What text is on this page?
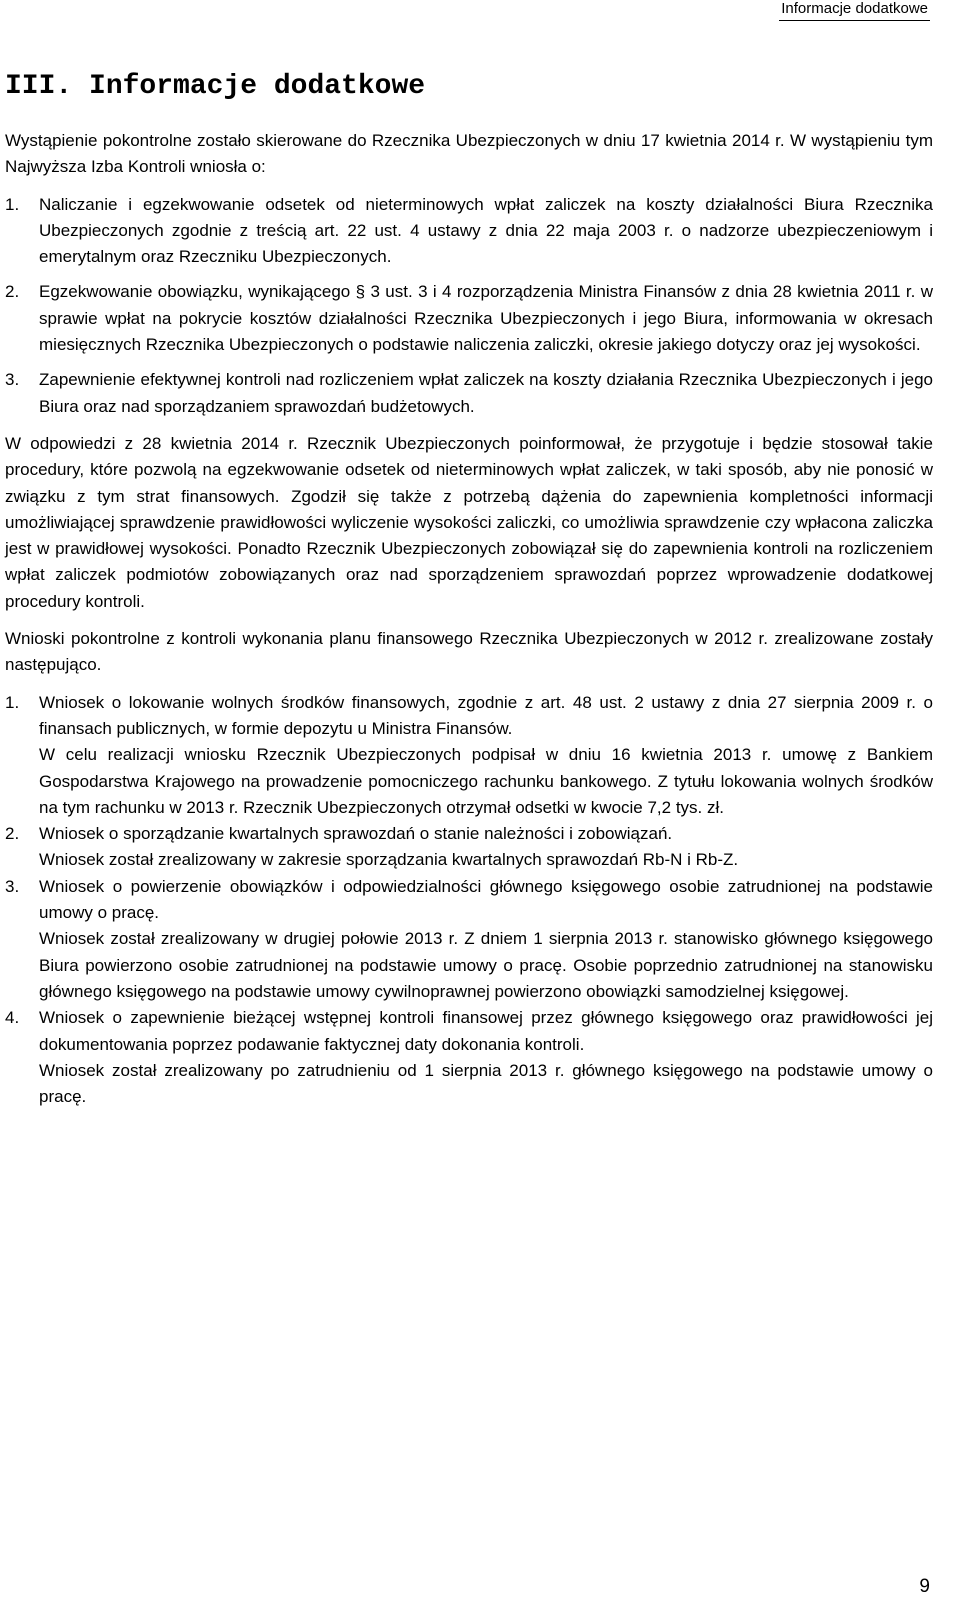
Informacje dodatkowe
III. Informacje dodatkowe

Wystąpienie pokontrolne zostało skierowane do Rzecznika Ubezpieczonych w dniu 17 kwietnia 2014 r. W wystąpieniu tym Najwyższa Izba Kontroli wniosła o:

1. Naliczanie i egzekwowanie odsetek od nieterminowych wpłat zaliczek na koszty działalności Biura Rzecznika Ubezpieczonych zgodnie z treścią art. 22 ust. 4 ustawy z dnia 22 maja 2003 r. o nadzorze ubezpieczeniowym i emerytalnym oraz Rzeczniku Ubezpieczonych.
2. Egzekwowanie obowiązku, wynikającego § 3 ust. 3 i 4 rozporządzenia Ministra Finansów z dnia 28 kwietnia 2011 r. w sprawie wpłat na pokrycie kosztów działalności Rzecznika Ubezpieczonych i jego Biura, informowania w okresach miesięcznych Rzecznika Ubezpieczonych o podstawie naliczenia zaliczki, okresie jakiego dotyczy oraz jej wysokości.
3. Zapewnienie efektywnej kontroli nad rozliczeniem wpłat zaliczek na koszty działania Rzecznika Ubezpieczonych i jego Biura oraz nad sporządzaniem sprawozdań budżetowych.

W odpowiedzi z 28 kwietnia 2014 r. Rzecznik Ubezpieczonych poinformował, że przygotuje i będzie stosował takie procedury, które pozwolą na egzekwowanie odsetek od nieterminowych wpłat zaliczek, w taki sposób, aby nie ponosić w związku z tym strat finansowych. Zgodził się także z potrzebą dążenia do zapewnienia kompletności informacji umożliwiającej sprawdzenie prawidłowości wyliczenie wysokości zaliczki, co umożliwia sprawdzenie czy wpłacona zaliczka jest w prawidłowej wysokości. Ponadto Rzecznik Ubezpieczonych zobowiązał się do zapewnienia kontroli na rozliczeniem wpłat zaliczek podmiotów zobowiązanych oraz nad sporządzeniem sprawozdań poprzez wprowadzenie dodatkowej procedury kontroli.

Wnioski pokontrolne z kontroli wykonania planu finansowego Rzecznika Ubezpieczonych w 2012 r. zrealizowane zostały następująco.

1. Wniosek o lokowanie wolnych środków finansowych, zgodnie z art. 48 ust. 2 ustawy z dnia 27 sierpnia 2009 r. o finansach publicznych, w formie depozytu u Ministra Finansów.
W celu realizacji wniosku Rzecznik Ubezpieczonych podpisał w dniu 16 kwietnia 2013 r. umowę z Bankiem Gospodarstwa Krajowego na prowadzenie pomocniczego rachunku bankowego. Z tytułu lokowania wolnych środków na tym rachunku w 2013 r. Rzecznik Ubezpieczonych otrzymał odsetki w kwocie 7,2 tys. zł.
2. Wniosek o sporządzanie kwartalnych sprawozdań o stanie należności i zobowiązań.
Wniosek został zrealizowany w zakresie sporządzania kwartalnych sprawozdań Rb-N i Rb-Z.
3. Wniosek o powierzenie obowiązków i odpowiedzialności głównego księgowego osobie zatrudnionej na podstawie umowy o pracę.
Wniosek został zrealizowany w drugiej połowie 2013 r. Z dniem 1 sierpnia 2013 r. stanowisko głównego księgowego Biura powierzono osobie zatrudnionej na podstawie umowy o pracę. Osobie poprzednio zatrudnionej na stanowisku głównego księgowego na podstawie umowy cywilnoprawnej powierzono obowiązki samodzielnej księgowej.
4. Wniosek o zapewnienie bieżącej wstępnej kontroli finansowej przez głównego księgowego oraz prawidłowości jej dokumentowania poprzez podawanie faktycznej daty dokonania kontroli.
Wniosek został zrealizowany po zatrudnieniu od 1 sierpnia 2013 r. głównego księgowego na podstawie umowy o pracę.
9
